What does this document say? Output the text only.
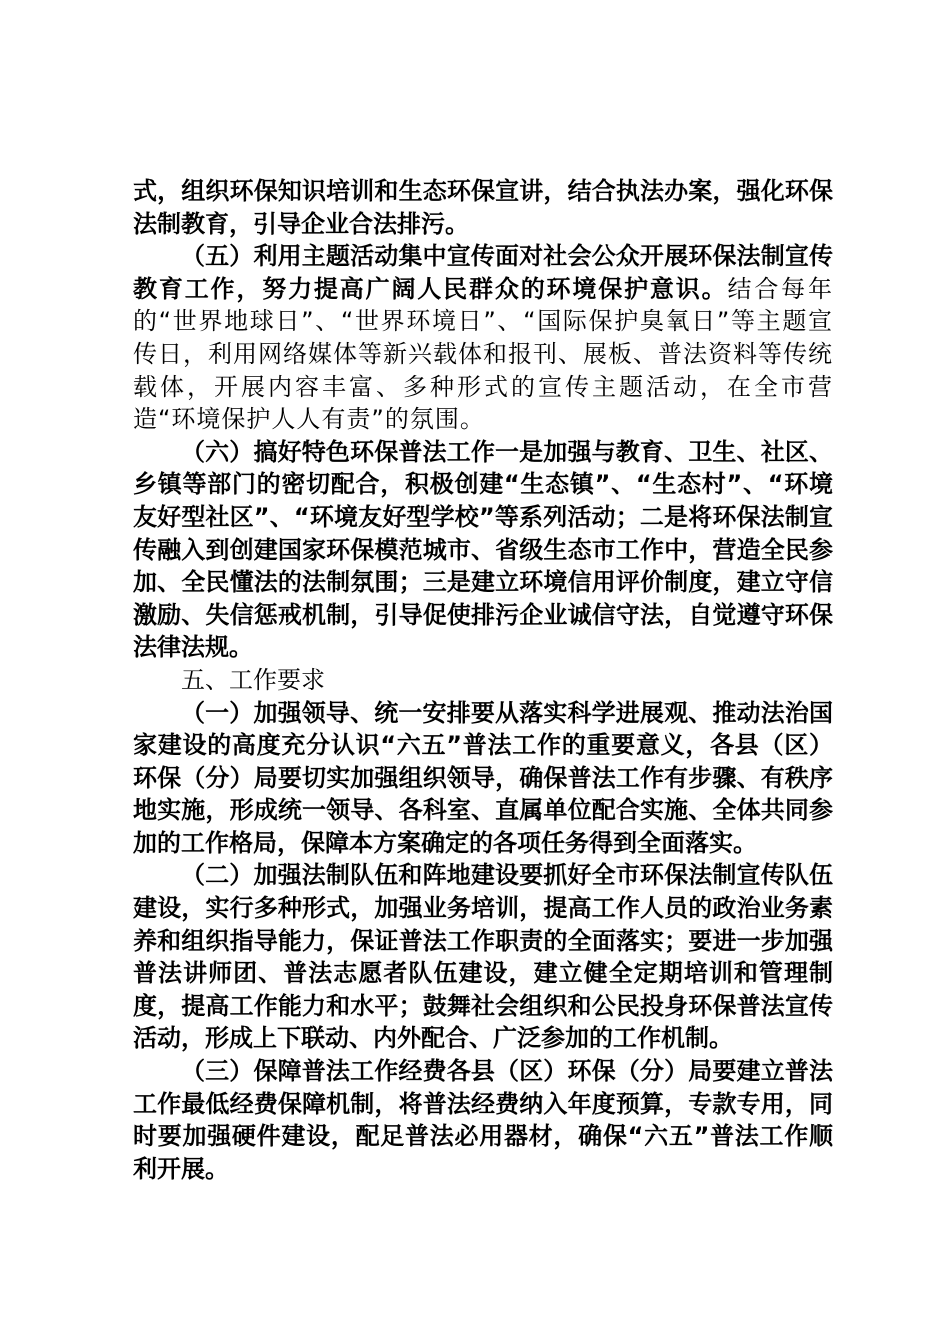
式，组织环保知识培训和生态环保宣讲，结合执法办案，强化环保法制教育，引导企业合法排污。

（五）利用主题活动集中宣传面对社会公众开展环保法制宣传教育工作，努力提高广阔人民群众的环境保护意识。结合每年的“世界地球日”、“世界环境日”、“国际保护臭氧日”等主题宣传日，利用网络媒体等新兴载体和报刊、展板、普法资料等传统载体，开展内容丰富、多种形式的宣传主题活动，在全市营造“环境保护人人有责”的氛围。

（六）搞好特色环保普法工作一是加强与教育、卫生、社区、乡镇等部门的密切配合，积极创建“生态镇”、“生态村”、“环境友好型社区”、“环境友好型学校”等系列活动；二是将环保法制宣传融入到创建国家环保模范城市、省级生态市工作中，营造全民参加、全民懂法的法制氛围；三是建立环境信用评价制度，建立守信激励、失信惩戒机制，引导促使排污企业诚信守法，自觉遵守环保法律法规。

五、工作要求

（一）加强领导、统一安排要从落实科学进展观、推动法治国家建设的高度充分认识“六五”普法工作的重要意义，各县（区）环保（分）局要切实加强组织领导，确保普法工作有步骤、有秩序地实施，形成统一领导、各科室、直属单位配合实施、全体共同参加的工作格局，保障本方案确定的各项任务得到全面落实。

（二）加强法制队伍和阵地建设要抓好全市环保法制宣传队伍建设，实行多种形式，加强业务培训，提高工作人员的政治业务素养和组织指导能力，保证普法工作职责的全面落实；要进一步加强普法讲师团、普法志愿者队伍建设，建立健全定期培训和管理制度，提高工作能力和水平；鼓舞社会组织和公民投身环保普法宣传活动，形成上下联动、内外配合、广泛参加的工作机制。

（三）保障普法工作经费各县（区）环保（分）局要建立普法工作最低经费保障机制，将普法经费纳入年度预算，专款专用，同时要加强硬件建设，配足普法必用器材，确保“六五”普法工作顺利开展。
